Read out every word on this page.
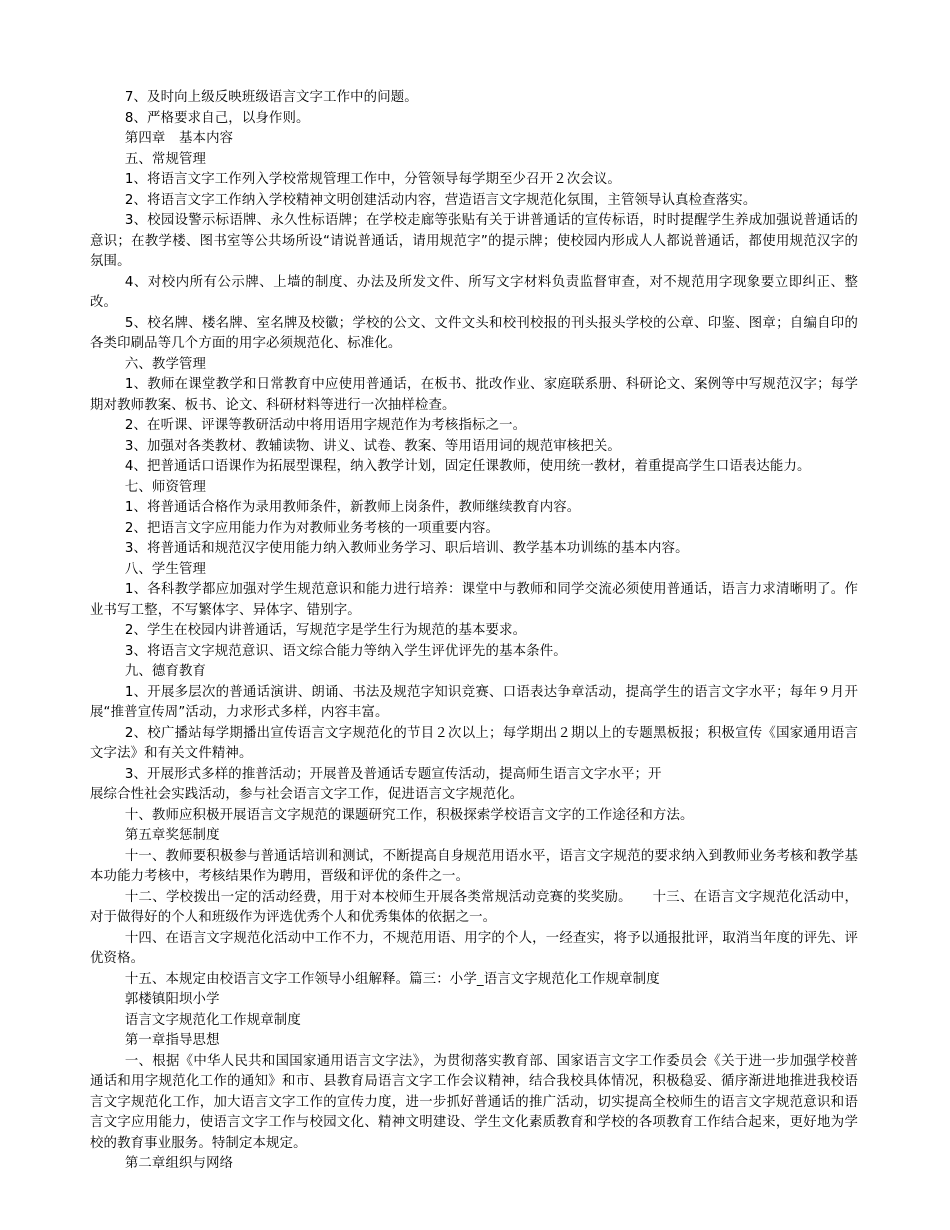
7、及时向上级反映班级语言文字工作中的问题。

8、严格要求自己，以身作则。

第四章　基本内容

五、常规管理

1、将语言文字工作列入学校常规管理工作中，分管领导每学期至少召开２次会议。

2、将语言文字工作纳入学校精神文明创建活动内容，营造语言文字规范化氛围，主管领导认真检查落实。

3、校园设警示标语牌、永久性标语牌；在学校走廊等张贴有关于讲普通话的宣传标语，时时提醒学生养成加强说普通话的意识；在教学楼、图书室等公共场所设“请说普通话，请用规范字”的提示牌；使校园内形成人人都说普通话，都使用规范汉字的氛围。

4、对校内所有公示牌、上墙的制度、办法及所发文件、所写文字材料负责监督审查，对不规范用字现象要立即纠正、整改。

5、校名牌、楼名牌、室名牌及校徽；学校的公文、文件文头和校刊校报的刊头报头学校的公章、印鉴、图章；自编自印的各类印刷品等几个方面的用字必须规范化、标准化。

六、教学管理

1、教师在课堂教学和日常教育中应使用普通话，在板书、批改作业、家庭联系册、科研论文、案例等中写规范汉字；每学期对教师教案、板书、论文、科研材料等进行一次抽样检查。

2、在听课、评课等教研活动中将用语用字规范作为考核指标之一。

3、加强对各类教材、教辅读物、讲义、试卷、教案、等用语用词的规范审核把关。

4、把普通话口语课作为拓展型课程，纳入教学计划，固定任课教师，使用统一教材，着重提高学生口语表达能力。

七、师资管理

1、将普通话合格作为录用教师条件，新教师上岗条件，教师继续教育内容。

2、把语言文字应用能力作为对教师业务考核的一项重要内容。

3、将普通话和规范汉字使用能力纳入教师业务学习、职后培训、教学基本功训练的基本内容。

八、学生管理

1、各科教学都应加强对学生规范意识和能力进行培养：课堂中与教师和同学交流必须使用普通话，语言力求清晰明了。作业书写工整，不写繁体字、异体字、错别字。

2、学生在校园内讲普通话，写规范字是学生行为规范的基本要求。

3、将语言文字规范意识、语文综合能力等纳入学生评优评先的基本条件。

九、德育教育

1、开展多层次的普通话演讲、朗诵、书法及规范字知识竞赛、口语表达争章活动，提高学生的语言文字水平；每年９月开展“推普宣传周”活动，力求形式多样，内容丰富。

2、校广播站每学期播出宣传语言文字规范化的节目２次以上；每学期出２期以上的专题黑板报；积极宣传《国家通用语言文字法》和有关文件精神。

3、开展形式多样的推普活动；开展普及普通话专题宣传活动，提高师生语言文字水平；开

展综合性社会实践活动，参与社会语言文字工作，促进语言文字规范化。

十、教师应积极开展语言文字规范的课题研究工作，积极探索学校语言文字的工作途径和方法。

第五章奖惩制度

十一、教师要积极参与普通话培训和测试，不断提高自身规范用语水平，语言文字规范的要求纳入到教师业务考核和教学基本功能力考核中，考核结果作为聘用，晋级和评优的条件之一。

十二、学校拨出一定的活动经费，用于对本校师生开展各类常规活动竞赛的奖奖励。　　十三、在语言文字规范化活动中，对于做得好的个人和班级作为评选优秀个人和优秀集体的依据之一。

十四、在语言文字规范化活动中工作不力，不规范用语、用字的个人，一经查实，将予以通报批评，取消当年度的评先、评优资格。

十五、本规定由校语言文字工作领导小组解释。篇三：小学_语言文字规范化工作规章制度

郭楼镇阳坝小学

语言文字规范化工作规章制度

第一章指导思想

一、根据《中华人民共和国国家通用语言文字法》，为贯彻落实教育部、国家语言文字工作委员会《关于进一步加强学校普通话和用字规范化工作的通知》和市、县教育局语言文字工作会议精神，结合我校具体情况，积极稳妥、循序渐进地推进我校语言文字规范化工作，加大语言文字工作的宣传力度，进一步抓好普通话的推广活动，切实提高全校师生的语言文字规范意识和语言文字应用能力，使语言文字工作与校园文化、精神文明建设、学生文化素质教育和学校的各项教育工作结合起来，更好地为学校的教育事业服务。特制定本规定。

第二章组织与网络
